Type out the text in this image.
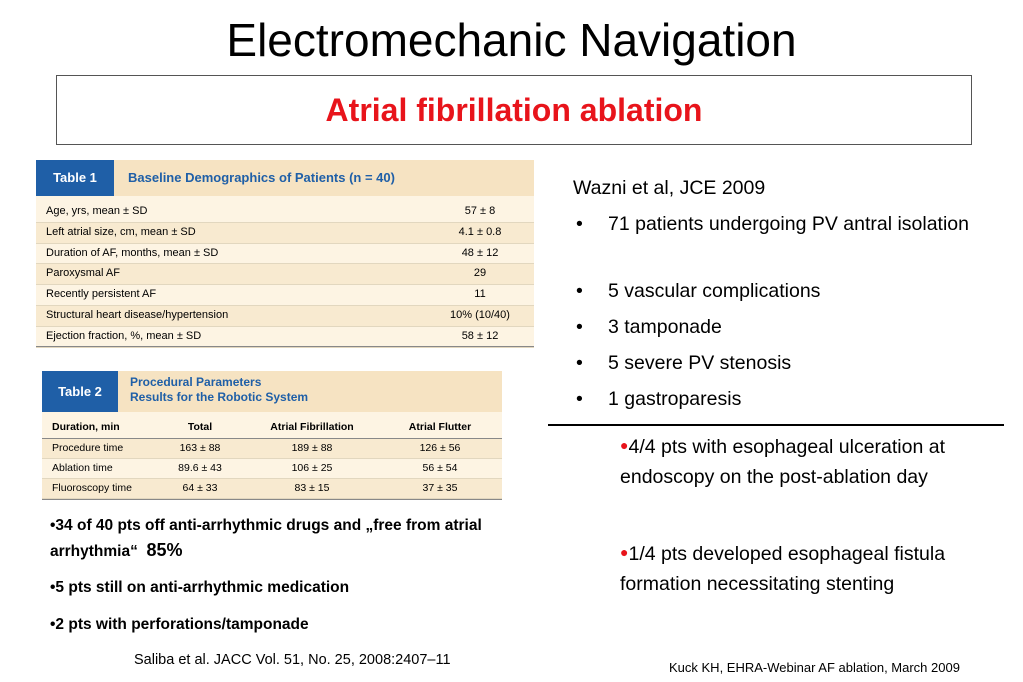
Electromechanic Navigation
Atrial fibrillation ablation
Table 1	Baseline Demographics of Patients (n = 40)
Age, yrs, mean ± SD	57 ± 8
Left atrial size, cm, mean ± SD	4.1 ± 0.8
Duration of AF, months, mean ± SD	48 ± 12
Paroxysmal AF	29
Recently persistent AF	11
Structural heart disease/hypertension	10% (10/40)
Ejection fraction, %, mean ± SD	58 ± 12
Table 2
Procedural Parameters
Results for the Robotic System
Duration, min	Total	Atrial Fibrillation	Atrial Flutter
Procedure time	163 ± 88	189 ± 88	126 ± 56
Ablation time	89.6 ± 43	106 ± 25	56 ± 54
Fluoroscopy time	64 ± 33	83 ± 15	37 ± 35
•34 of 40 pts off anti-arrhythmic drugs and „free from atrial arrhythmia“ 85%
•5 pts still on anti-arrhythmic medication
•2 pts with perforations/tamponade
Saliba et al. JACC Vol. 51, No. 25, 2008:2407–11
Wazni et al, JCE 2009
•	71 patients undergoing PV antral isolation
•	5 vascular complications
•	3 tamponade
•	5 severe PV stenosis
•	1 gastroparesis
●4/4 pts with esophageal ulceration at endoscopy on the post-ablation day
●1/4 pts developed esophageal fistula formation necessitating stenting
Kuck KH, EHRA-Webinar AF ablation, March 2009
